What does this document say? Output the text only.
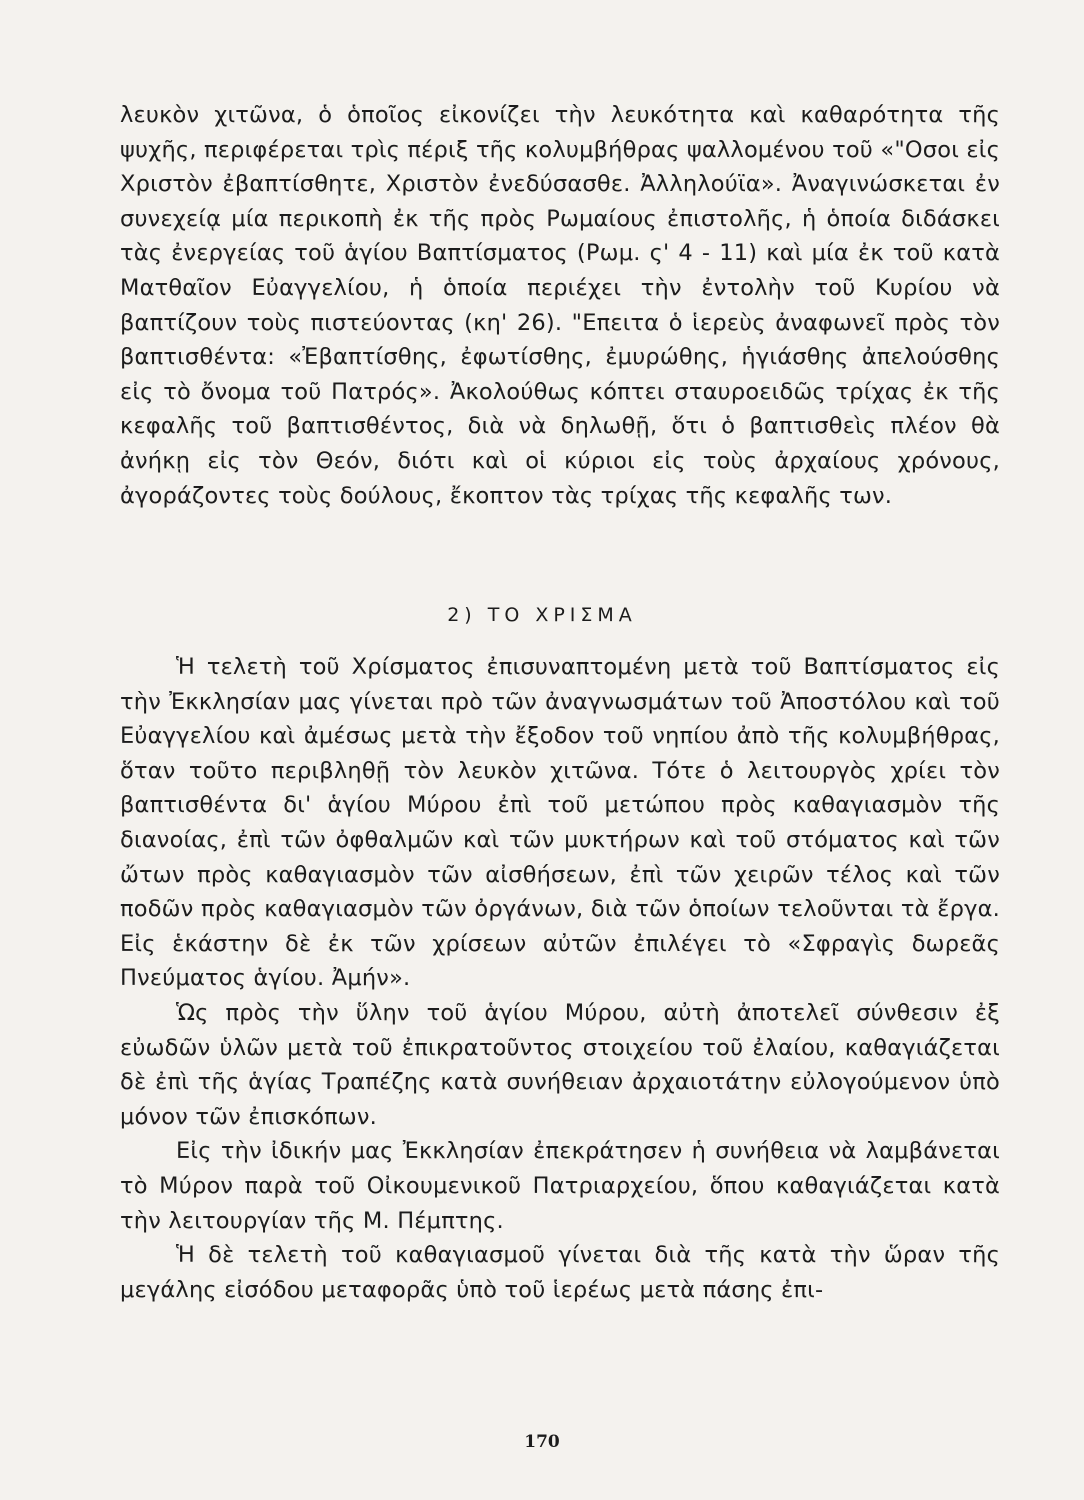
λευκὸν χιτῶνα, ὁ ὁποῖος εἰκονίζει τὴν λευκότητα καὶ καθαρότητα τῆς ψυχῆς, περιφέρεται τρὶς πέριξ τῆς κολυμβήθρας ψαλλομένου τοῦ «"Οσοι εἰς Χριστὸν ἐβαπτίσθητε, Χριστὸν ἐνεδύσασθε. Ἀλληλούϊα». Ἀναγινώσκεται ἐν συνεχείᾳ μία περικοπὴ ἐκ τῆς πρὸς Ρωμαίους ἐπιστολῆς, ἡ ὁποία διδάσκει τὰς ἐνεργείας τοῦ ἁγίου Βαπτίσματος (Ρωμ. ς' 4 - 11) καὶ μία ἐκ τοῦ κατὰ Ματθαῖον Εὐαγγελίου, ἡ ὁποία περιέχει τὴν ἐντολὴν τοῦ Κυρίου νὰ βαπτίζουν τοὺς πιστεύοντας (κη' 26). "Επειτα ὁ ἱερεὺς ἀναφωνεῖ πρὸς τὸν βαπτισθέντα: «Ἐβαπτίσθης, ἐφωτίσθης, ἐμυρώθης, ἡγιάσθης ἀπελούσθης εἰς τὸ ὄνομα τοῦ Πατρός». Ἀκολούθως κόπτει σταυροειδῶς τρίχας ἐκ τῆς κεφαλῆς τοῦ βαπτισθέντος, διὰ νὰ δηλωθῇ, ὅτι ὁ βαπτισθεὶς πλέον θὰ ἀνήκῃ εἰς τὸν Θεόν, διότι καὶ οἱ κύριοι εἰς τοὺς ἀρχαίους χρόνους, ἀγοράζοντες τοὺς δούλους, ἔκοπτον τὰς τρίχας τῆς κεφαλῆς των.

2) ΤΟ ΧΡΙΣΜΑ

Ἡ τελετὴ τοῦ Χρίσματος ἐπισυναπτομένη μετὰ τοῦ Βαπτίσματος εἰς τὴν Ἐκκλησίαν μας γίνεται πρὸ τῶν ἀναγνωσμάτων τοῦ Ἀποστόλου καὶ τοῦ Εὐαγγελίου καὶ ἀμέσως μετὰ τὴν ἔξοδον τοῦ νηπίου ἀπὸ τῆς κολυμβήθρας, ὅταν τοῦτο περιβληθῇ τὸν λευκὸν χιτῶνα. Τότε ὁ λειτουργὸς χρίει τὸν βαπτισθέντα δι' ἁγίου Μύρου ἐπὶ τοῦ μετώπου πρὸς καθαγιασμὸν τῆς διανοίας, ἐπὶ τῶν ὀφθαλμῶν καὶ τῶν μυκτήρων καὶ τοῦ στόματος καὶ τῶν ὤτων πρὸς καθαγιασμὸν τῶν αἰσθήσεων, ἐπὶ τῶν χειρῶν τέλος καὶ τῶν ποδῶν πρὸς καθαγιασμὸν τῶν ὀργάνων, διὰ τῶν ὁποίων τελοῦνται τὰ ἔργα. Εἰς ἑκάστην δὲ ἐκ τῶν χρίσεων αὐτῶν ἐπιλέγει τὸ «Σφραγὶς δωρεᾶς Πνεύματος ἁγίου. Ἀμήν».

Ὡς πρὸς τὴν ὕλην τοῦ ἁγίου Μύρου, αὐτὴ ἀποτελεῖ σύνθεσιν ἐξ εὐωδῶν ὑλῶν μετὰ τοῦ ἐπικρατοῦντος στοιχείου τοῦ ἐλαίου, καθαγιάζεται δὲ ἐπὶ τῆς ἁγίας Τραπέζης κατὰ συνήθειαν ἀρχαιοτάτην εὐλογούμενον ὑπὸ μόνον τῶν ἐπισκόπων.

Εἰς τὴν ἰδικήν μας Ἐκκλησίαν ἐπεκράτησεν ἡ συνήθεια νὰ λαμβάνεται τὸ Μύρον παρὰ τοῦ Οἰκουμενικοῦ Πατριαρχείου, ὅπου καθαγιάζεται κατὰ τὴν λειτουργίαν τῆς Μ. Πέμπτης.

Ἡ δὲ τελετὴ τοῦ καθαγιασμοῦ γίνεται διὰ τῆς κατὰ τὴν ὥραν τῆς μεγάλης εἰσόδου μεταφορᾶς ὑπὸ τοῦ ἱερέως μετὰ πάσης ἐπι-

170
